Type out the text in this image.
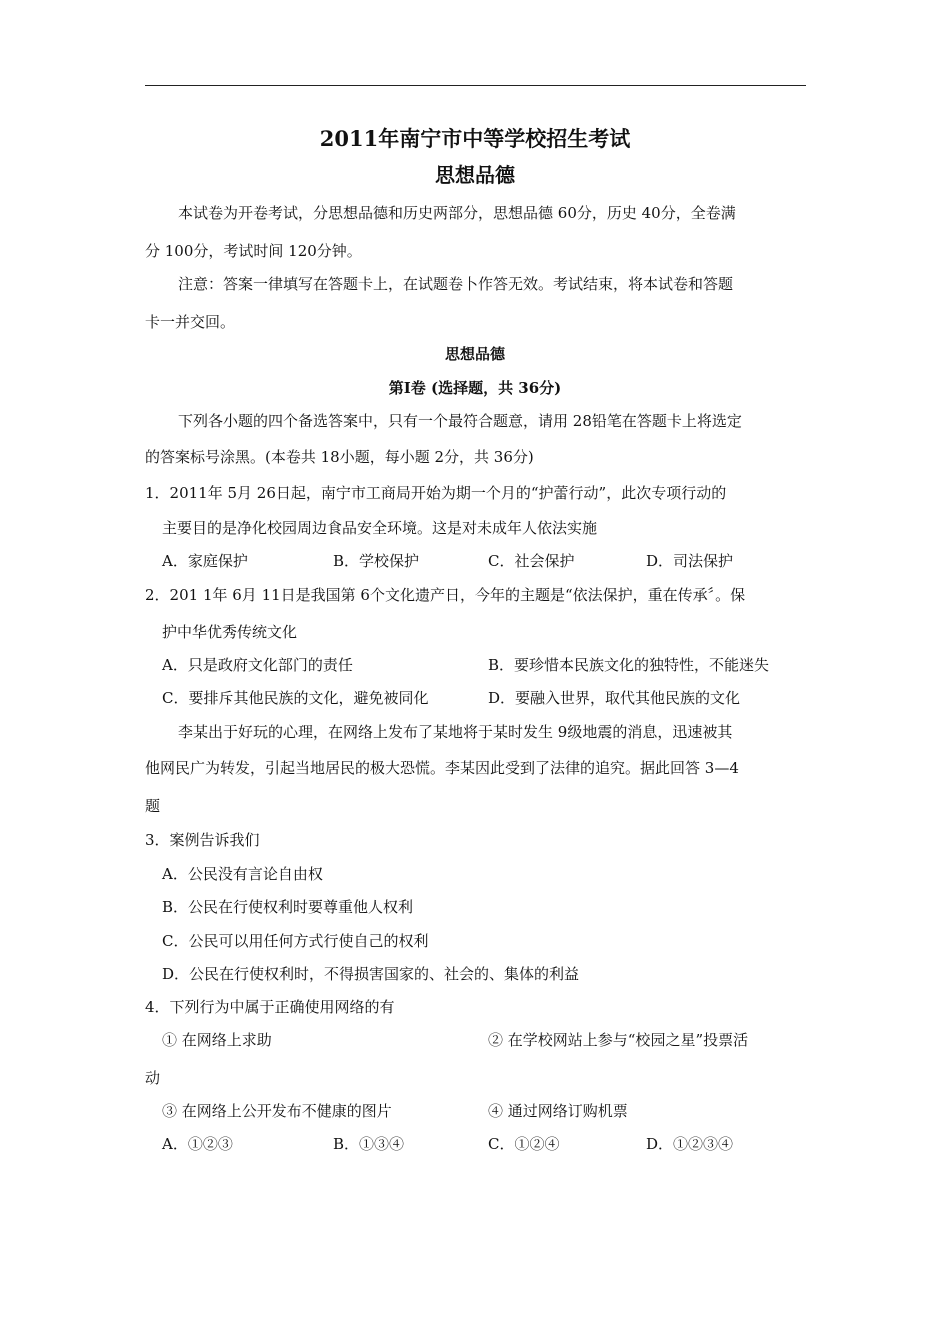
2011年南宁市中等学校招生考试
思想品德
本试卷为开卷考试，分思想品德和历史两部分，思想品德 60分，历史 40分，全卷满
分 100分，考试时间 120分钟。
注意：答案一律填写在答题卡上，在试题卷卜作答无效。考试结束，将本试卷和答题
卡一并交回。
思想品德
第Ⅰ卷 (选择题，共 36分)
下列各小题的四个备选答案中，只有一个最符合题意，请用 28铅笔在答题卡上将选定
的答案标号涂黑。(本卷共 18小题，每小题 2分，共 36分)
1．2011年 5月 26日起，南宁市工商局开始为期一个月的“护蕾行动”，此次专项行动的
主要目的是净化校园周边食品安全环境。这是对未成年人依法实施
A．家庭保护	B．学校保护	C．社会保护	D．司法保护
2．201 1年 6月 11日是我国第 6个文化遗产日，今年的主题是“依法保护，重在传承〞。保
护中华优秀传统文化
A．只是政府文化部门的责任	B．要珍惜本民族文化的独特性，不能迷失
C．要排斥其他民族的文化，避免被同化	D．要融入世界，取代其他民族的文化
李某出于好玩的心理，在网络上发布了某地将于某时发生 9级地震的消息，迅速被其
他网民广为转发，引起当地居民的极大恐慌。李某因此受到了法律的追究。据此回答 3—4
题
3．案例告诉我们
A．公民没有言论自由权
B．公民在行使权利时要尊重他人权利
C．公民可以用任何方式行使自己的权利
D．公民在行使权利时，不得损害国家的、社会的、集体的利益
4．下列行为中属于正确使用网络的有
① 在网络上求助	② 在学校网站上参与“校园之星”投票活
动
③ 在网络上公开发布不健康的图片	④ 通过网络订购机票
A．①②③	B．①③④	C．①②④	D．①②③④
